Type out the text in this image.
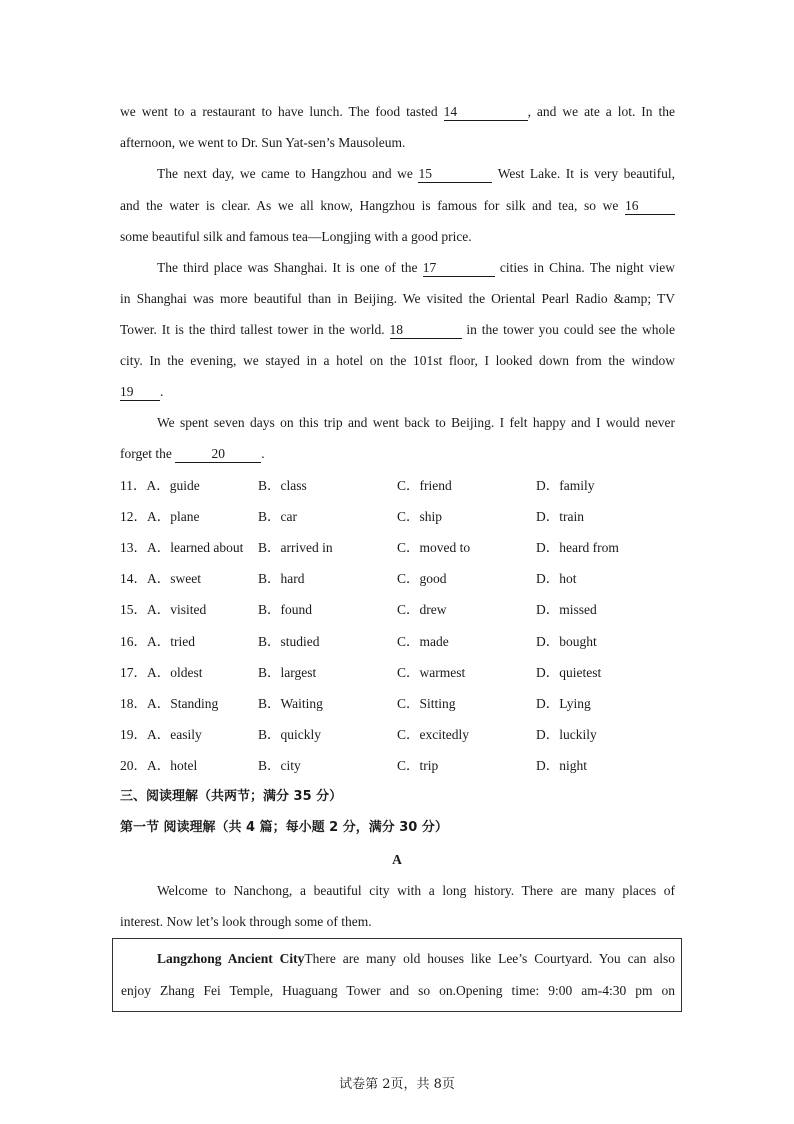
we went to a restaurant to have lunch. The food tasted 14	, and we ate a lot. In the
afternoon, we went to Dr. Sun Yat-sen’s Mausoleum.
The next day, we came to Hangzhou and we 15	West Lake. It is very beautiful,
and the water is clear. As we all know, Hangzhou is famous for silk and tea, so we 16
some beautiful silk and famous tea—Longjing with a good price.
The third place was Shanghai. It is one of the 17	cities in China. The night view
in Shanghai was more beautiful than in Beijing. We visited the Oriental Pearl Radio &amp; TV
Tower. It is the third tallest tower in the world. 18	in the tower you could see the whole
city. In the evening, we stayed in a hotel on the 101st floor, I looked down from the window
19 .
We spent seven days on this trip and went back to Beijing. I felt happy and I would never
forget the	20	.
11．A．guide	B．class	C．friend	D．family
12．A．plane	B．car	C．ship	D．train
13．A．learned about B．arrived in	C．moved to	D．heard from
14．A．sweet	B．hard	C．good	D．hot
15．A．visited	B．found	C．drew	D．missed
16．A．tried	B．studied	C．made	D．bought
17．A．oldest	B．largest	C．warmest	D．quietest
18．A．Standing	B．Waiting	C．Sitting	D．Lying
19．A．easily	B．quickly	C．excitedly	D．luckily
20．A．hotel	B．city	C．trip	D．night
三、阅读理解（共两节；满分 35 分）
第一节 阅读理解（共 4 篇；每小题 2 分，满分 30 分）
A
Welcome to Nanchong, a beautiful city with a long history. There are many places of
interest. Now let’s look through some of them.
Langzhong Ancient CityThere are many old houses like Lee’s Courtyard. You can also
enjoy Zhang Fei Temple, Huaguang Tower and so on.Opening time: 9:00 am-4:30 pm on
试卷第 2页，共 8页
